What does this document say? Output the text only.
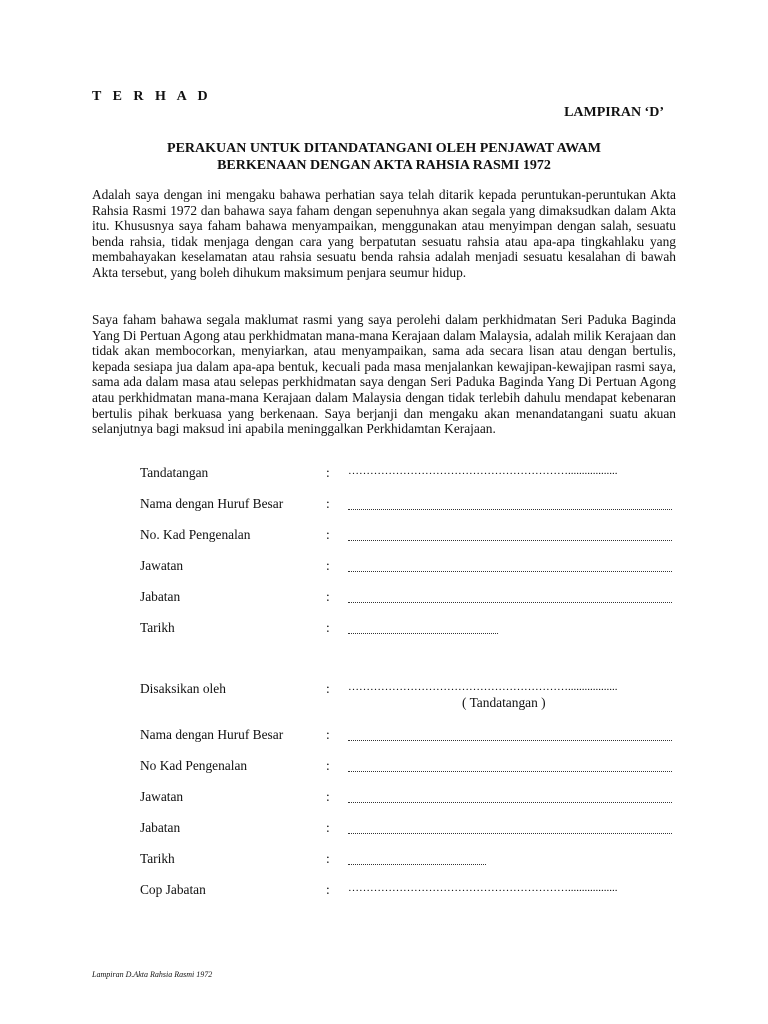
T E R H A D
LAMPIRAN ‘D’
PERAKUAN UNTUK DITANDATANGANI OLEH PENJAWAT AWAM
BERKENAAN DENGAN AKTA RAHSIA RASMI 1972

Adalah saya dengan ini mengaku bahawa perhatian saya telah ditarik kepada peruntukan-peruntukan Akta Rahsia Rasmi 1972 dan bahawa saya faham dengan sepenuhnya akan segala yang dimaksudkan dalam Akta itu. Khususnya saya faham bahawa menyampaikan, menggunakan atau menyimpan dengan salah, sesuatu benda rahsia, tidak menjaga dengan cara yang berpatutan sesuatu rahsia atau apa-apa tingkahlaku yang membahayakan keselamatan atau rahsia sesuatu benda rahsia adalah menjadi sesuatu kesalahan di bawah Akta tersebut, yang boleh dihukum maksimum penjara seumur hidup.

Saya faham bahawa segala maklumat rasmi yang saya perolehi dalam perkhidmatan Seri Paduka Baginda Yang Di Pertuan Agong atau perkhidmatan mana-mana Kerajaan dalam Malaysia, adalah milik Kerajaan dan tidak akan membocorkan, menyiarkan, atau menyampaikan, sama ada secara lisan atau dengan bertulis, kepada sesiapa jua dalam apa-apa bentuk, kecuali pada masa menjalankan kewajipan-kewajipan rasmi saya, sama ada dalam masa atau selepas perkhidmatan saya dengan Seri Paduka Baginda Yang Di Pertuan Agong atau perkhidmatan mana-mana Kerajaan dalam Malaysia dengan tidak terlebih dahulu mendapat kebenaran bertulis pihak berkuasa yang berkenaan. Saya berjanji dan mengaku akan menandatangani suatu akuan selanjutnya bagi maksud ini apabila meninggalkan Perkhidamtan Kerajaan.

Tandatangan	: ……………………………………………………..................
Nama dengan Huruf Besar	:
No. Kad Pengenalan	:
Jawatan	:
Jabatan	:
Tarikh	:
Disaksikan oleh	: ……………………………………………………..................
( Tandatangan )
Nama dengan Huruf Besar	:
No Kad Pengenalan	:
Jawatan	:
Jabatan	:
Tarikh	:
Cop Jabatan	: ……………………………………………………..................
Lampiran D.Akta Rahsia Rasmi 1972
